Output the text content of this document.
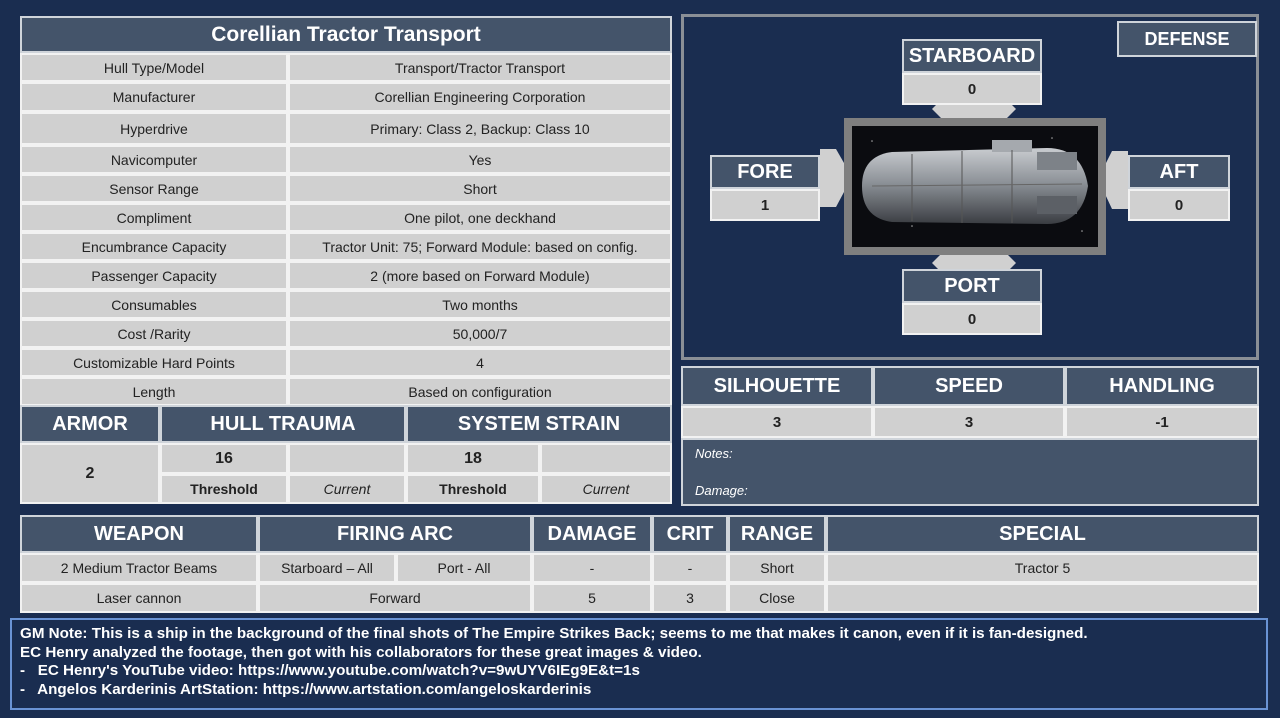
Corellian Tractor Transport
Hull Type/Model	Transport/Tractor Transport
Manufacturer	Corellian Engineering Corporation
Hyperdrive	Primary: Class 2, Backup: Class 10
Navicomputer	Yes
Sensor Range	Short
Compliment	One pilot, one deckhand
Encumbrance Capacity	Tractor Unit: 75; Forward Module: based on config.
Passenger Capacity	2 (more based on Forward Module)
Consumables	Two months
Cost /Rarity	50,000/7
Customizable Hard Points	4
Length	Based on configuration
ARMOR	HULL TRAUMA	SYSTEM STRAIN
2
16	18
Threshold	Current	Threshold	Current
DEFENSE
STARBOARD
0
FORE
1
AFT
0
PORT
0
SILHOUETTE	SPEED	HANDLING
3	3	-1
Notes:
Damage:
WEAPON	FIRING ARC	DAMAGE	CRIT	RANGE	SPECIAL
2 Medium Tractor Beams	Starboard – All	Port - All	-	-	Short	Tractor 5
Laser cannon	Forward	5	3	Close
GM Note: This is a ship in the background of the final shots of The Empire Strikes Back; seems to me that makes it canon, even if it is fan-designed.
EC Henry analyzed the footage, then got with his collaborators for these great images & video.
-   EC Henry's YouTube video: https://www.youtube.com/watch?v=9wUYV6IEg9E&t=1s
-   Angelos Karderinis ArtStation: https://www.artstation.com/angeloskarderinis
